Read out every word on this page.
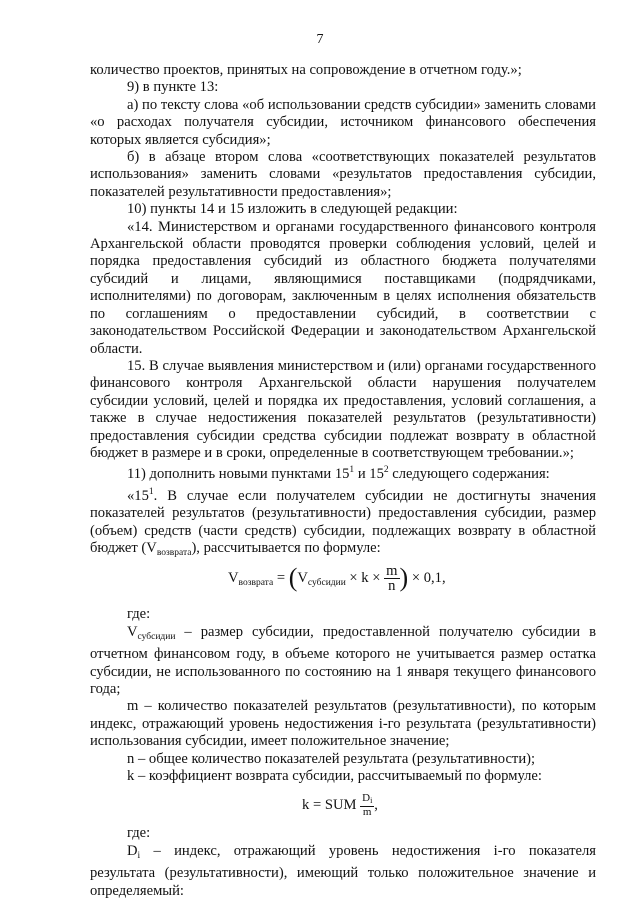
7

количество проектов, принятых на сопровождение в отчетном году.»;

9) в пункте 13:

а) по тексту слова «об использовании средств субсидии» заменить словами «о расходах получателя субсидии, источником финансового обеспечения которых является субсидия»;

б) в абзаце втором слова «соответствующих показателей результатов использования» заменить словами «результатов предоставления субсидии, показателей результативности предоставления»;

10) пункты 14 и 15 изложить в следующей редакции:

«14. Министерством и органами государственного финансового контроля Архангельской области проводятся проверки соблюдения условий, целей и порядка предоставления субсидий из областного бюджета получателями субсидий и лицами, являющимися поставщиками (подрядчиками, исполнителями) по договорам, заключенным в целях исполнения обязательств по соглашениям о предоставлении субсидий, в соответствии с законодательством Российской Федерации и законодательством Архангельской области.

15. В случае выявления министерством и (или) органами государственного финансового контроля Архангельской области нарушения получателем субсидии условий, целей и порядка их предоставления, условий соглашения, а также в случае недостижения показателей результатов (результативности) предоставления субсидии средства субсидии подлежат возврату в областной бюджет в размере и в сроки, определенные в соответствующем требовании.»;

11) дополнить новыми пунктами $15^1$ и $15^2$ следующего содержания:

«$15^1$. В случае если получателем субсидии не достигнуты значения показателей результатов (результативности) предоставления субсидии, размер (объем) средств (части средств) субсидии, подлежащих возврату в областной бюджет $(V_{возврата})$, рассчитывается по формуле:

$V_{возврата} = (V_{субсидии} \times k \times \frac{m}{n}$ ) × 0,1,

где:

$V_{субсидии}$ – размер субсидии, предоставленной получателю субсидии в отчетном финансовом году, в объеме которого не учитывается размер остатка субсидии, не использованного по состоянию на 1 января текущего финансового года;

m – количество показателей результатов (результативности), по которым индекс, отражающий уровень недостижения i-го результата (результативности) использования субсидии, имеет положительное значение;

n – общее количество показателей результата (результативности);

k – коэффициент возврата субсидии, рассчитываемый по формуле:

k = SUM $\frac{D_i}{m}$ ,

где:

$D_i$ – индекс, отражающий уровень недостижения i-го показателя результата (результативности), имеющий только положительное значение и определяемый:
